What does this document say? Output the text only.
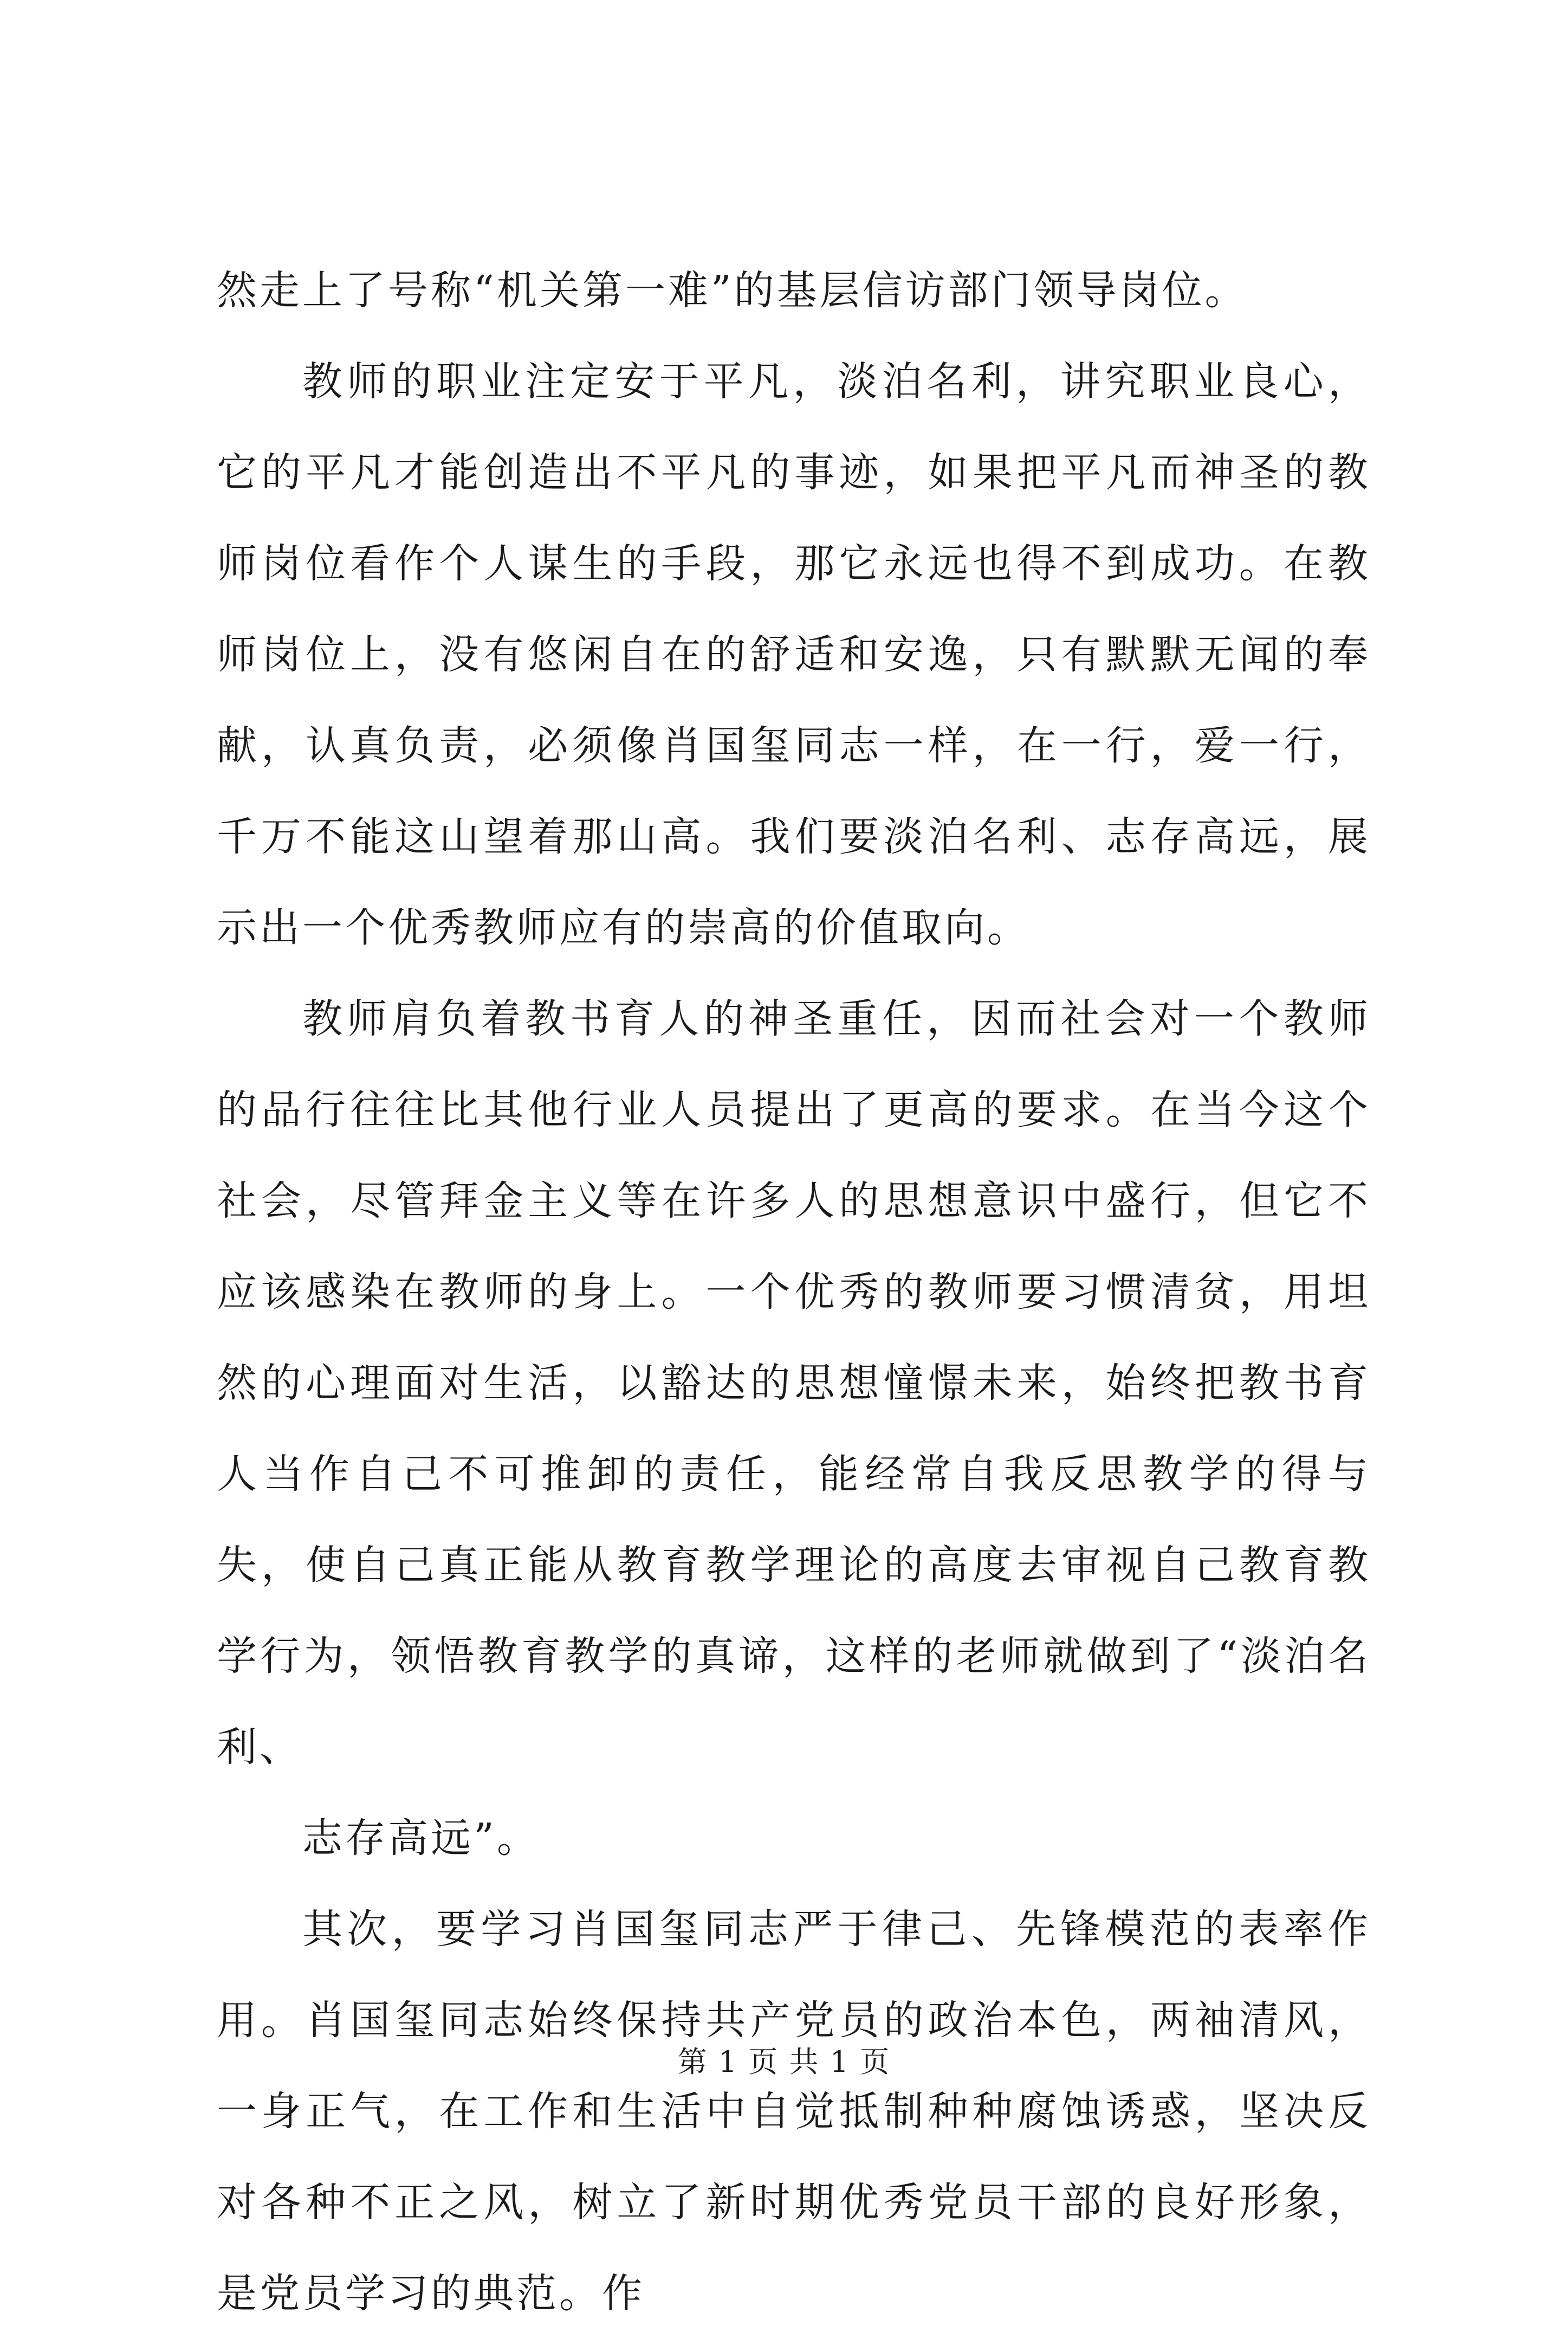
然走上了号称“机关第一难”的基层信访部门领导岗位。

教师的职业注定安于平凡，淡泊名利，讲究职业良心，它的平凡才能创造出不平凡的事迹，如果把平凡而神圣的教师岗位看作个人谋生的手段，那它永远也得不到成功。在教师岗位上，没有悠闲自在的舒适和安逸，只有默默无闻的奉献，认真负责，必须像肖国玺同志一样，在一行，爱一行，千万不能这山望着那山高。我们要淡泊名利、志存高远，展示出一个优秀教师应有的崇高的价值取向。

教师肩负着教书育人的神圣重任，因而社会对一个教师的品行往往比其他行业人员提出了更高的要求。在当今这个社会，尽管拜金主义等在许多人的思想意识中盛行，但它不应该感染在教师的身上。一个优秀的教师要习惯清贫，用坦然的心理面对生活，以豁达的思想憧憬未来，始终把教书育人当作自己不可推卸的责任，能经常自我反思教学的得与失，使自己真正能从教育教学理论的高度去审视自己教育教学行为，领悟教育教学的真谛，这样的老师就做到了“淡泊名利、

志存高远”。

其次，要学习肖国玺同志严于律己、先锋模范的表率作用。肖国玺同志始终保持共产党员的政治本色，两袖清风，一身正气，在工作和生活中自觉抵制种种腐蚀诱惑，坚决反对各种不正之风，树立了新时期优秀党员干部的良好形象，是党员学习的典范。作

第 1 页 共 1 页
